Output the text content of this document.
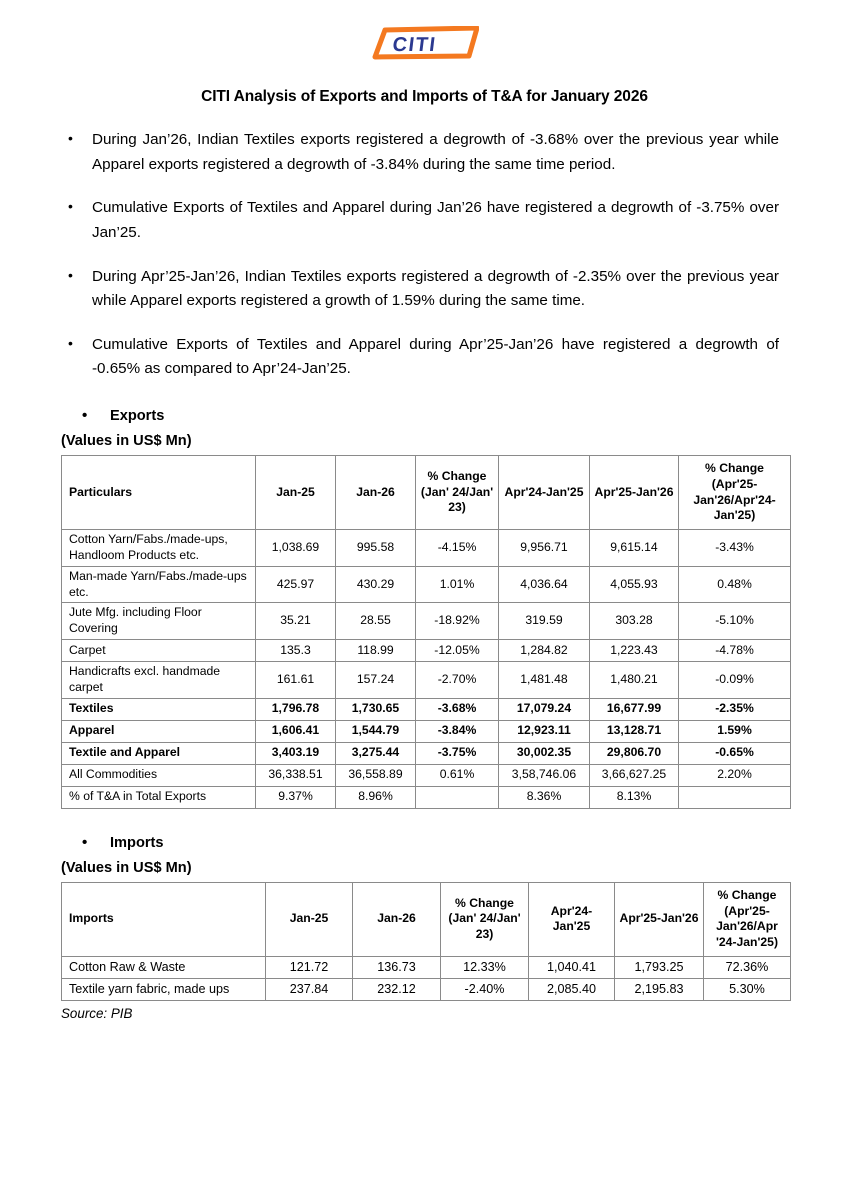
CITI
CITI Analysis of Exports and Imports of T&A for January 2026
• During Jan’26, Indian Textiles exports registered a degrowth of -3.68% over the previous year while Apparel exports registered a degrowth of -3.84% during the same time period.
• Cumulative Exports of Textiles and Apparel during Jan’26 have registered a degrowth of -3.75% over Jan’25.
• During Apr’25-Jan’26, Indian Textiles exports registered a degrowth of -2.35% over the previous year while Apparel exports registered a growth of 1.59% during the same time.
• Cumulative Exports of Textiles and Apparel during Apr’25-Jan’26 have registered a degrowth of -0.65% as compared to Apr’24-Jan’25.
• Exports
(Values in US$ Mn)
Particulars	Jan-25	Jan-26	% Change (Jan' 24/Jan' 23)	Apr'24-Jan'25	Apr'25-Jan'26	% Change (Apr'25-Jan'26/Apr'24-Jan'25)
Cotton Yarn/Fabs./made-ups, Handloom Products etc.	1,038.69	995.58	-4.15%	9,956.71	9,615.14	-3.43%
Man-made Yarn/Fabs./made-ups etc.	425.97	430.29	1.01%	4,036.64	4,055.93	0.48%
Jute Mfg. including Floor Covering	35.21	28.55	-18.92%	319.59	303.28	-5.10%
Carpet	135.3	118.99	-12.05%	1,284.82	1,223.43	-4.78%
Handicrafts excl. handmade carpet	161.61	157.24	-2.70%	1,481.48	1,480.21	-0.09%
Textiles	1,796.78	1,730.65	-3.68%	17,079.24	16,677.99	-2.35%
Apparel	1,606.41	1,544.79	-3.84%	12,923.11	13,128.71	1.59%
Textile and Apparel	3,403.19	3,275.44	-3.75%	30,002.35	29,806.70	-0.65%
All Commodities	36,338.51	36,558.89	0.61%	3,58,746.06	3,66,627.25	2.20%
% of T&A in Total Exports	9.37%	8.96%		8.36%	8.13%	
• Imports
(Values in US$ Mn)
Imports	Jan-25	Jan-26	% Change (Jan' 24/Jan' 23)	Apr'24-Jan'25	Apr'25-Jan'26	% Change (Apr'25-Jan'26/Apr '24-Jan'25)
Cotton Raw & Waste	121.72	136.73	12.33%	1,040.41	1,793.25	72.36%
Textile yarn fabric, made ups	237.84	232.12	-2.40%	2,085.40	2,195.83	5.30%
Source: PIB
